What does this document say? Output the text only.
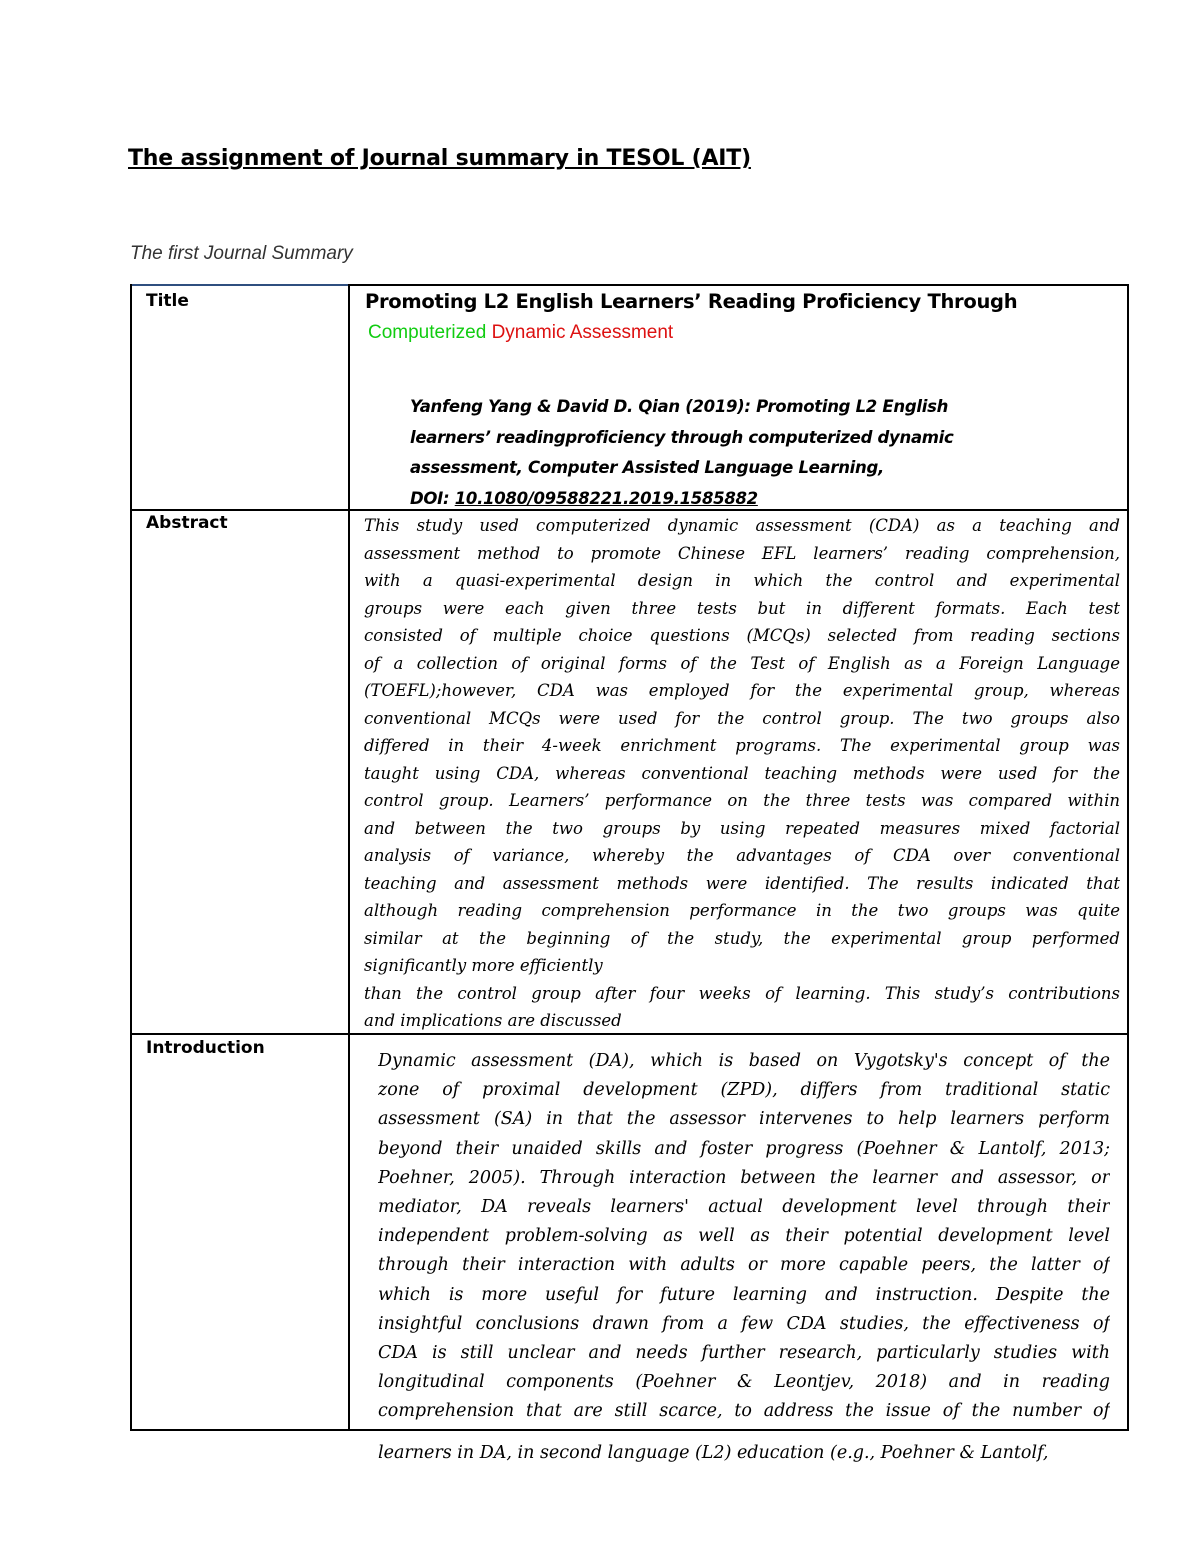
The assignment of Journal summary in TESOL (AIT)
The first Journal Summary
Title
Abstract
Introduction
Promoting L2 English Learners’ Reading Proficiency Through
Computerized Dynamic Assessment
Yanfeng Yang & David D. Qian (2019): Promoting L2 English
learners’ readingproficiency through computerized dynamic
assessment, Computer Assisted Language Learning,
DOI: 10.1080/09588221.2019.1585882
This study used computerized dynamic assessment (CDA) as a teaching and
assessment method to promote Chinese EFL learners’ reading comprehension,
with a quasi-experimental design in which the control and experimental
groups were each given three tests but in different formats. Each test
consisted of multiple choice questions (MCQs) selected from reading sections
of a collection of original forms of the Test of English as a Foreign Language
(TOEFL);however, CDA was employed for the experimental group, whereas
conventional MCQs were used for the control group. The two groups also
differed in their 4-week enrichment programs. The experimental group was
taught using CDA, whereas conventional teaching methods were used for the
control group. Learners’ performance on the three tests was compared within
and between the two groups by using repeated measures mixed factorial
analysis of variance, whereby the advantages of CDA over conventional
teaching and assessment methods were identified. The results indicated that
although reading comprehension performance in the two groups was quite
similar at the beginning of the study, the experimental group performed
significantly more efficiently
than the control group after four weeks of learning. This study’s contributions
and implications are discussed
Dynamic assessment (DA), which is based on Vygotsky's concept of the
zone of proximal development (ZPD), differs from traditional static
assessment (SA) in that the assessor intervenes to help learners perform
beyond their unaided skills and foster progress (Poehner & Lantolf, 2013;
Poehner, 2005). Through interaction between the learner and assessor, or
mediator, DA reveals learners' actual development level through their
independent problem-solving as well as their potential development level
through their interaction with adults or more capable peers, the latter of
which is more useful for future learning and instruction. Despite the
insightful conclusions drawn from a few CDA studies, the effectiveness of
CDA is still unclear and needs further research, particularly studies with
longitudinal components (Poehner & Leontjev, 2018) and in reading
comprehension that are still scarce, to address the issue of the number of
learners in DA, in second language (L2) education (e.g., Poehner & Lantolf,
